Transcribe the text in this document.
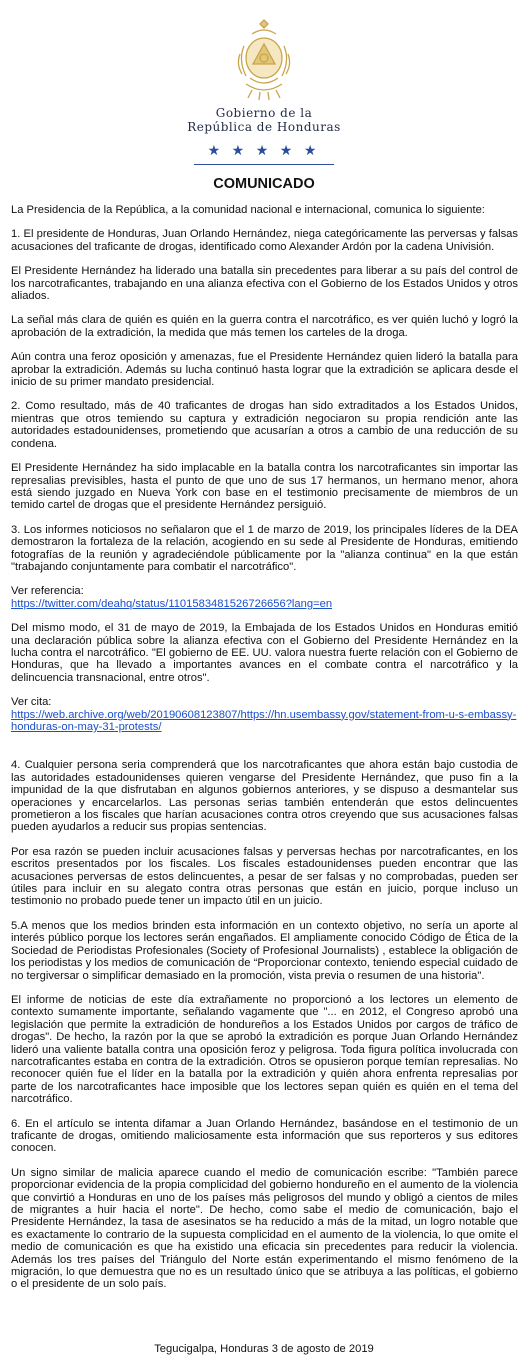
Gobierno de la
República de Honduras
★ ★ ★ ★ ★
COMUNICADO

La Presidencia de la República, a la comunidad nacional e internacional, comunica lo siguiente:

1. El presidente de Honduras, Juan Orlando Hernández, niega categóricamente las perversas y falsas acusaciones del traficante de drogas, identificado como Alexander Ardón por la cadena Univisión.

El Presidente Hernández ha liderado una batalla sin precedentes para liberar a su país del control de los narcotraficantes, trabajando en una alianza efectiva con el Gobierno de los Estados Unidos y otros aliados.

La señal más clara de quién es quién en la guerra contra el narcotráfico, es ver quién luchó y logró la aprobación de la extradición, la medida que más temen los carteles de la droga.

Aún contra una feroz oposición y amenazas, fue el Presidente Hernández quien lideró la batalla para aprobar la extradición. Además su lucha continuó hasta lograr que la extradición se aplicara desde el inicio de su primer mandato presidencial.

2. Como resultado, más de 40 traficantes de drogas han sido extraditados a los Estados Unidos, mientras que otros temiendo su captura y extradición negociaron su propia rendición ante las autoridades estadounidenses, prometiendo que acusarían a otros a cambio de una reducción de su condena.

El Presidente Hernández ha sido implacable en la batalla contra los narcotraficantes sin importar las represalias previsibles, hasta el punto de que uno de sus 17 hermanos, un hermano menor, ahora está siendo juzgado en Nueva York con base en el testimonio precisamente de miembros de un temido cartel de drogas que el presidente Hernández persiguió.

3. Los informes noticiosos no señalaron que el 1 de marzo de 2019, los principales líderes de la DEA demostraron la fortaleza de la relación, acogiendo en su sede al Presidente de Honduras, emitiendo fotografías de la reunión y agradeciéndole públicamente por la "alianza continua" en la que están "trabajando conjuntamente para combatir el narcotráfico".

Ver referencia:

https://twitter.com/deahq/status/1101583481526726656?lang=en

Del mismo modo, el 31 de mayo de 2019, la Embajada de los Estados Unidos en Honduras emitió una declaración pública sobre la alianza efectiva con el Gobierno del Presidente Hernández en la lucha contra el narcotráfico. "El gobierno de EE. UU. valora nuestra fuerte relación con el Gobierno de Honduras, que ha llevado a importantes avances en el combate contra el narcotráfico y la delincuencia transnacional, entre otros".

Ver cita:

https://web.archive.org/web/20190608123807/https://hn.usembassy.gov/statement-from-u-s-embassy-honduras-on-may-31-protests/

4. Cualquier persona seria comprenderá que los narcotraficantes que ahora están bajo custodia de las autoridades estadounidenses quieren vengarse del Presidente Hernández, que puso fin a la impunidad de la que disfrutaban en algunos gobiernos anteriores, y se dispuso a desmantelar sus operaciones y encarcelarlos. Las personas serias también entenderán que estos delincuentes prometieron a los fiscales que harían acusaciones contra otros creyendo que sus acusaciones falsas pueden ayudarlos a reducir sus propias sentencias.

Por esa razón se pueden incluir acusaciones falsas y perversas hechas por narcotraficantes, en los escritos presentados por los fiscales. Los fiscales estadounidenses pueden encontrar que las acusaciones perversas de estos delincuentes, a pesar de ser falsas y no comprobadas, pueden ser útiles para incluir en su alegato contra otras personas que están en juicio, porque incluso un testimonio no probado puede tener un impacto útil en un juicio.

5.A menos que los medios brinden esta información en un contexto objetivo, no sería un aporte al interés público porque los lectores serán engañados. El ampliamente conocido Código de Ética de la Sociedad de Periodistas Profesionales (Society of Profesional Journalists) , establece la obligación de los periodistas y los medios de comunicación de “Proporcionar contexto, teniendo especial cuidado de no tergiversar o simplificar demasiado en la promoción, vista previa o resumen de una historia".

El informe de noticias de este día extrañamente no proporcionó a los lectores un elemento de contexto sumamente importante, señalando vagamente que "... en 2012, el Congreso aprobó una legislación que permite la extradición de hondureños a los Estados Unidos por cargos de tráfico de drogas". De hecho, la razón por la que se aprobó la extradición es porque Juan Orlando Hernández lideró una valiente batalla contra una oposición feroz y peligrosa. Toda figura política involucrada con narcotraficantes estaba en contra de la extradición. Otros se opusieron porque temían represalias. No reconocer quién fue el líder en la batalla por la extradición y quién ahora enfrenta represalias por parte de los narcotraficantes hace imposible que los lectores sepan quién es quién en el tema del narcotráfico.

6. En el artículo se intenta difamar a Juan Orlando Hernández, basándose en el testimonio de un traficante de drogas, omitiendo maliciosamente esta información que sus reporteros y sus editores conocen.

Un signo similar de malicia aparece cuando el medio de comunicación escribe: "También parece proporcionar evidencia de la propia complicidad del gobierno hondureño en el aumento de la violencia que convirtió a Honduras en uno de los países más peligrosos del mundo y obligó a cientos de miles de migrantes a huir hacia el norte". De hecho, como sabe el medio de comunicación, bajo el Presidente Hernández, la tasa de asesinatos se ha reducido a más de la mitad, un logro notable que es exactamente lo contrario de la supuesta complicidad en el aumento de la violencia, lo que omite el medio de comunicación es que ha existido una eficacia sin precedentes para reducir la violencia. Además los tres países del Triángulo del Norte están experimentando el mismo fenómeno de la migración, lo que demuestra que no es un resultado único que se atribuya a las políticas, el gobierno o el presidente de un solo país.

Tegucigalpa, Honduras 3 de agosto de 2019
